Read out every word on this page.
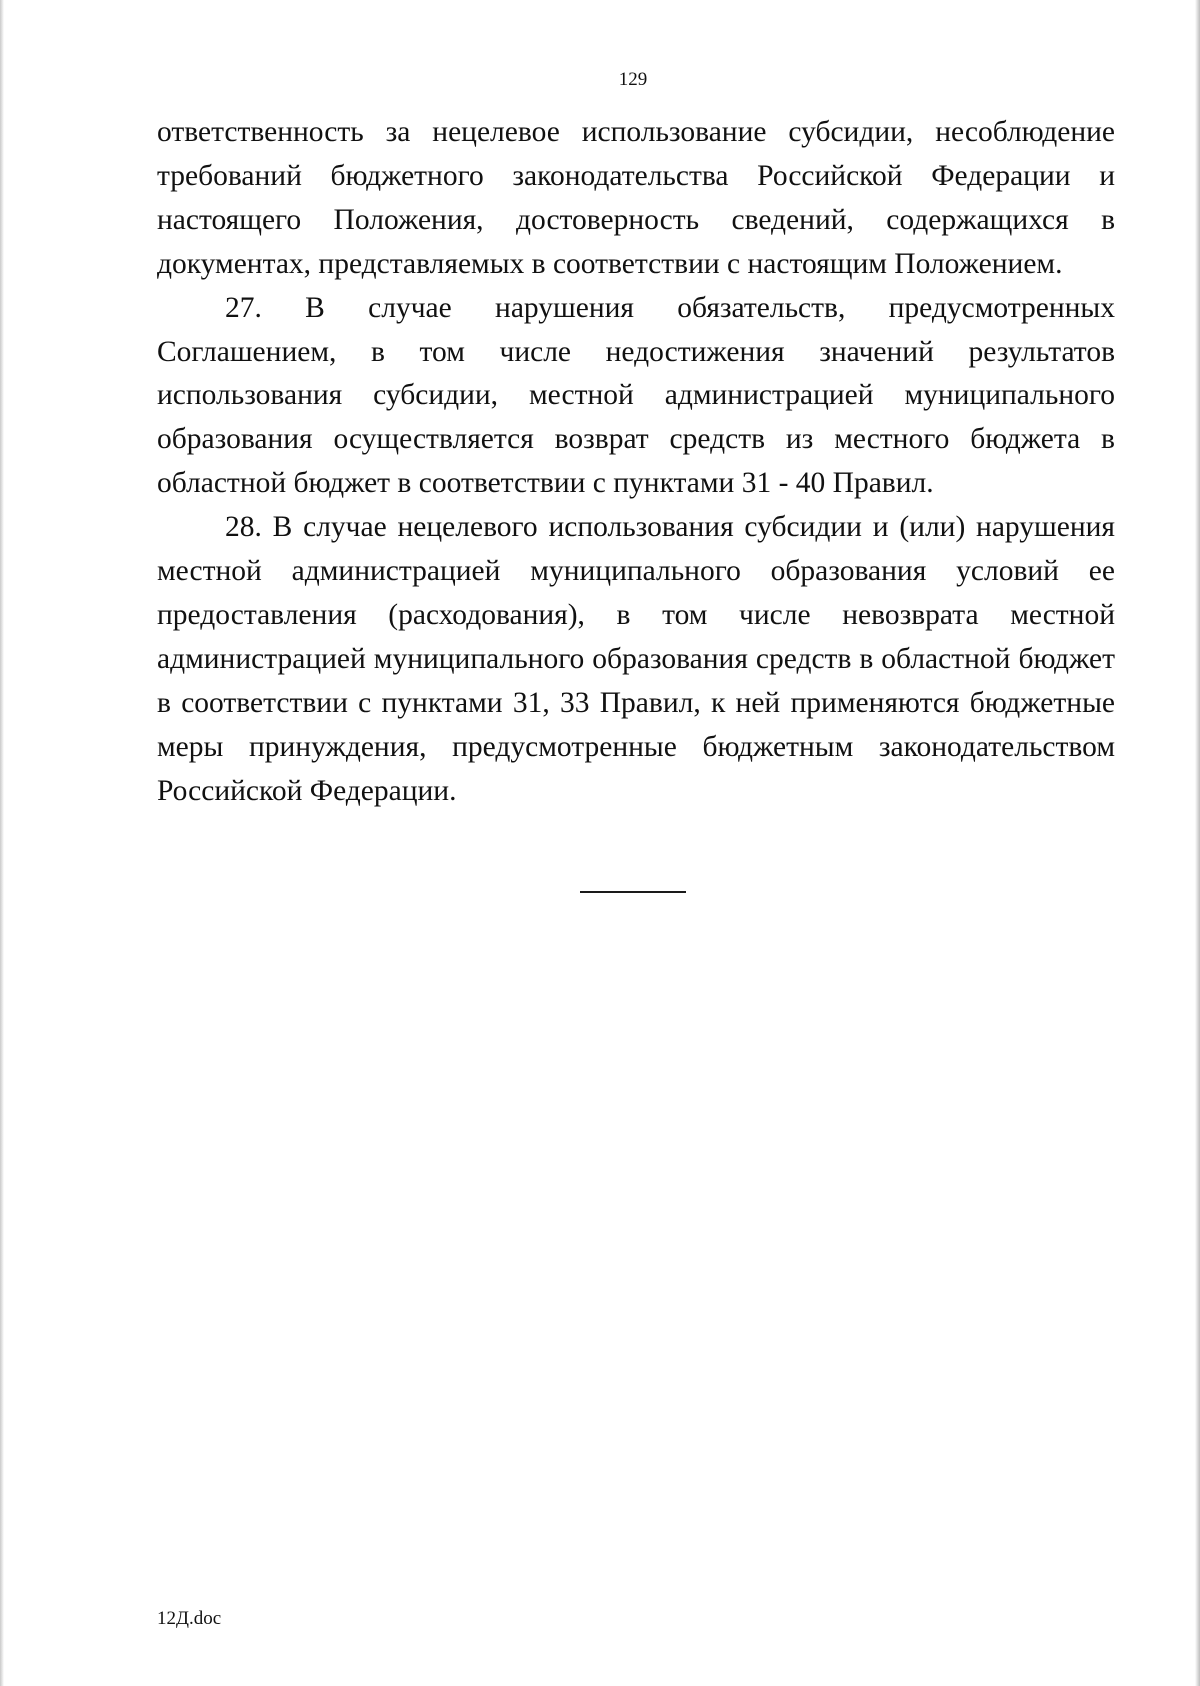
129

ответственность за нецелевое использование субсидии, несоблюдение требований бюджетного законодательства Российской Федерации и настоящего Положения, достоверность сведений, содержащихся в документах, представляемых в соответствии с настоящим Положением.

27. В случае нарушения обязательств, предусмотренных Соглашением, в том числе недостижения значений результатов использования субсидии, местной администрацией муниципального образования осуществляется возврат средств из местного бюджета в областной бюджет в соответствии с пунктами 31 - 40 Правил.

28. В случае нецелевого использования субсидии и (или) нарушения местной администрацией муниципального образования условий ее предоставления (расходования), в том числе невозврата местной администрацией муниципального образования средств в областной бюджет в соответствии с пунктами 31, 33 Правил, к ней применяются бюджетные меры принуждения, предусмотренные бюджетным законодательством Российской Федерации.

12Д.doc
